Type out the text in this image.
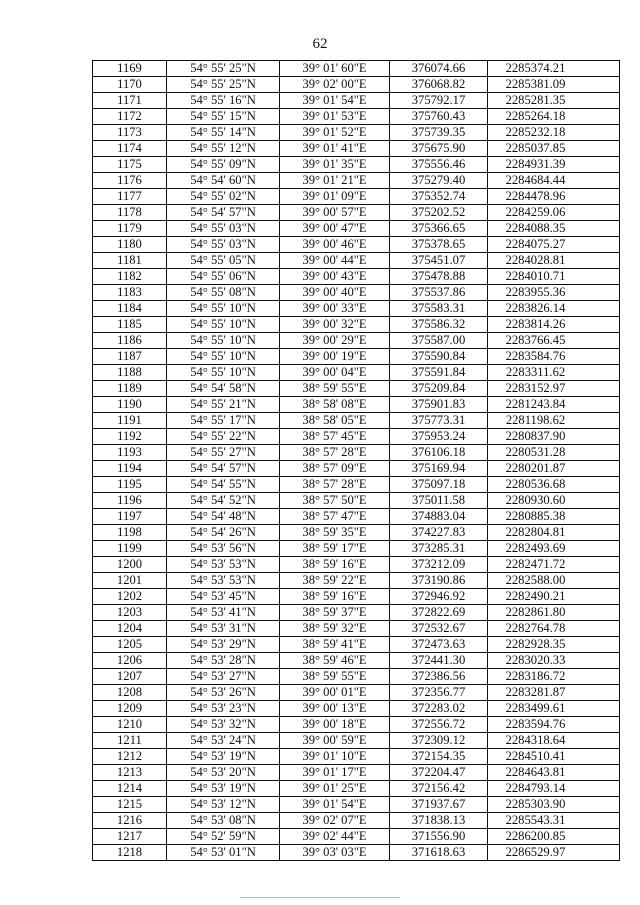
62
1169	54° 55' 25"N	39° 01' 60"E	376074.66	2285374.21
1170	54° 55' 25"N	39° 02' 00"E	376068.82	2285381.09
1171	54° 55' 16"N	39° 01' 54"E	375792.17	2285281.35
1172	54° 55' 15"N	39° 01' 53"E	375760.43	2285264.18
1173	54° 55' 14"N	39° 01' 52"E	375739.35	2285232.18
1174	54° 55' 12"N	39° 01' 41"E	375675.90	2285037.85
1175	54° 55' 09"N	39° 01' 35"E	375556.46	2284931.39
1176	54° 54' 60"N	39° 01' 21"E	375279.40	2284684.44
1177	54° 55' 02"N	39° 01' 09"E	375352.74	2284478.96
1178	54° 54' 57"N	39° 00' 57"E	375202.52	2284259.06
1179	54° 55' 03"N	39° 00' 47"E	375366.65	2284088.35
1180	54° 55' 03"N	39° 00' 46"E	375378.65	2284075.27
1181	54° 55' 05"N	39° 00' 44"E	375451.07	2284028.81
1182	54° 55' 06"N	39° 00' 43"E	375478.88	2284010.71
1183	54° 55' 08"N	39° 00' 40"E	375537.86	2283955.36
1184	54° 55' 10"N	39° 00' 33"E	375583.31	2283826.14
1185	54° 55' 10"N	39° 00' 32"E	375586.32	2283814.26
1186	54° 55' 10"N	39° 00' 29"E	375587.00	2283766.45
1187	54° 55' 10"N	39° 00' 19"E	375590.84	2283584.76
1188	54° 55' 10"N	39° 00' 04"E	375591.84	2283311.62
1189	54° 54' 58"N	38° 59' 55"E	375209.84	2283152.97
1190	54° 55' 21"N	38° 58' 08"E	375901.83	2281243.84
1191	54° 55' 17"N	38° 58' 05"E	375773.31	2281198.62
1192	54° 55' 22"N	38° 57' 45"E	375953.24	2280837.90
1193	54° 55' 27"N	38° 57' 28"E	376106.18	2280531.28
1194	54° 54' 57"N	38° 57' 09"E	375169.94	2280201.87
1195	54° 54' 55"N	38° 57' 28"E	375097.18	2280536.68
1196	54° 54' 52"N	38° 57' 50"E	375011.58	2280930.60
1197	54° 54' 48"N	38° 57' 47"E	374883.04	2280885.38
1198	54° 54' 26"N	38° 59' 35"E	374227.83	2282804.81
1199	54° 53' 56"N	38° 59' 17"E	373285.31	2282493.69
1200	54° 53' 53"N	38° 59' 16"E	373212.09	2282471.72
1201	54° 53' 53"N	38° 59' 22"E	373190.86	2282588.00
1202	54° 53' 45"N	38° 59' 16"E	372946.92	2282490.21
1203	54° 53' 41"N	38° 59' 37"E	372822.69	2282861.80
1204	54° 53' 31"N	38° 59' 32"E	372532.67	2282764.78
1205	54° 53' 29"N	38° 59' 41"E	372473.63	2282928.35
1206	54° 53' 28"N	38° 59' 46"E	372441.30	2283020.33
1207	54° 53' 27"N	38° 59' 55"E	372386.56	2283186.72
1208	54° 53' 26"N	39° 00' 01"E	372356.77	2283281.87
1209	54° 53' 23"N	39° 00' 13"E	372283.02	2283499.61
1210	54° 53' 32"N	39° 00' 18"E	372556.72	2283594.76
1211	54° 53' 24"N	39° 00' 59"E	372309.12	2284318.64
1212	54° 53' 19"N	39° 01' 10"E	372154.35	2284510.41
1213	54° 53' 20"N	39° 01' 17"E	372204.47	2284643.81
1214	54° 53' 19"N	39° 01' 25"E	372156.42	2284793.14
1215	54° 53' 12"N	39° 01' 54"E	371937.67	2285303.90
1216	54° 53' 08"N	39° 02' 07"E	371838.13	2285543.31
1217	54° 52' 59"N	39° 02' 44"E	371556.90	2286200.85
1218	54° 53' 01"N	39° 03' 03"E	371618.63	2286529.97
